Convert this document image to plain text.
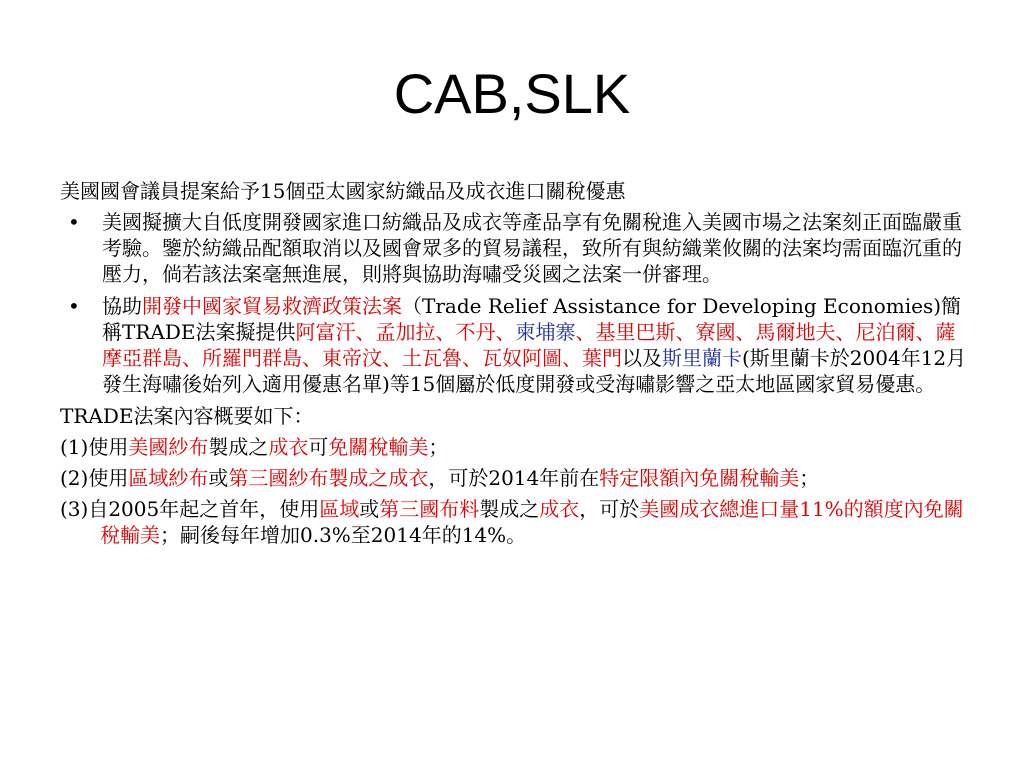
CAB,SLK

美國國會議員提案給予15個亞太國家紡織品及成衣進口關稅優惠

•	美國擬擴大自低度開發國家進口紡織品及成衣等產品享有免關稅進入美國市場之法案刻正面臨嚴重考驗。鑒於紡織品配額取消以及國會眾多的貿易議程，致所有與紡織業攸關的法案均需面臨沉重的壓力，倘若該法案毫無進展，則將與協助海嘯受災國之法案一併審理。
•	協助開發中國家貿易救濟政策法案（Trade Relief Assistance for Developing Economies)簡稱TRADE法案擬提供阿富汗、孟加拉、不丹、柬埔寨、基里巴斯、寮國、馬爾地夫、尼泊爾、薩摩亞群島、所羅門群島、東帝汶、土瓦魯、瓦奴阿圖、葉門以及斯里蘭卡(斯里蘭卡於2004年12月發生海嘯後始列入適用優惠名單)等15個屬於低度開發或受海嘯影響之亞太地區國家貿易優惠。

TRADE法案內容概要如下：

(1)使用美國紗布製成之成衣可免關稅輸美；

(2)使用區域紗布或第三國紗布製成之成衣，可於2014年前在特定限額內免關稅輸美；

(3)自2005年起之首年，使用區域或第三國布料製成之成衣，可於美國成衣總進口量11%的額度內免關稅輸美；嗣後每年增加0.3%至2014年的14%。
